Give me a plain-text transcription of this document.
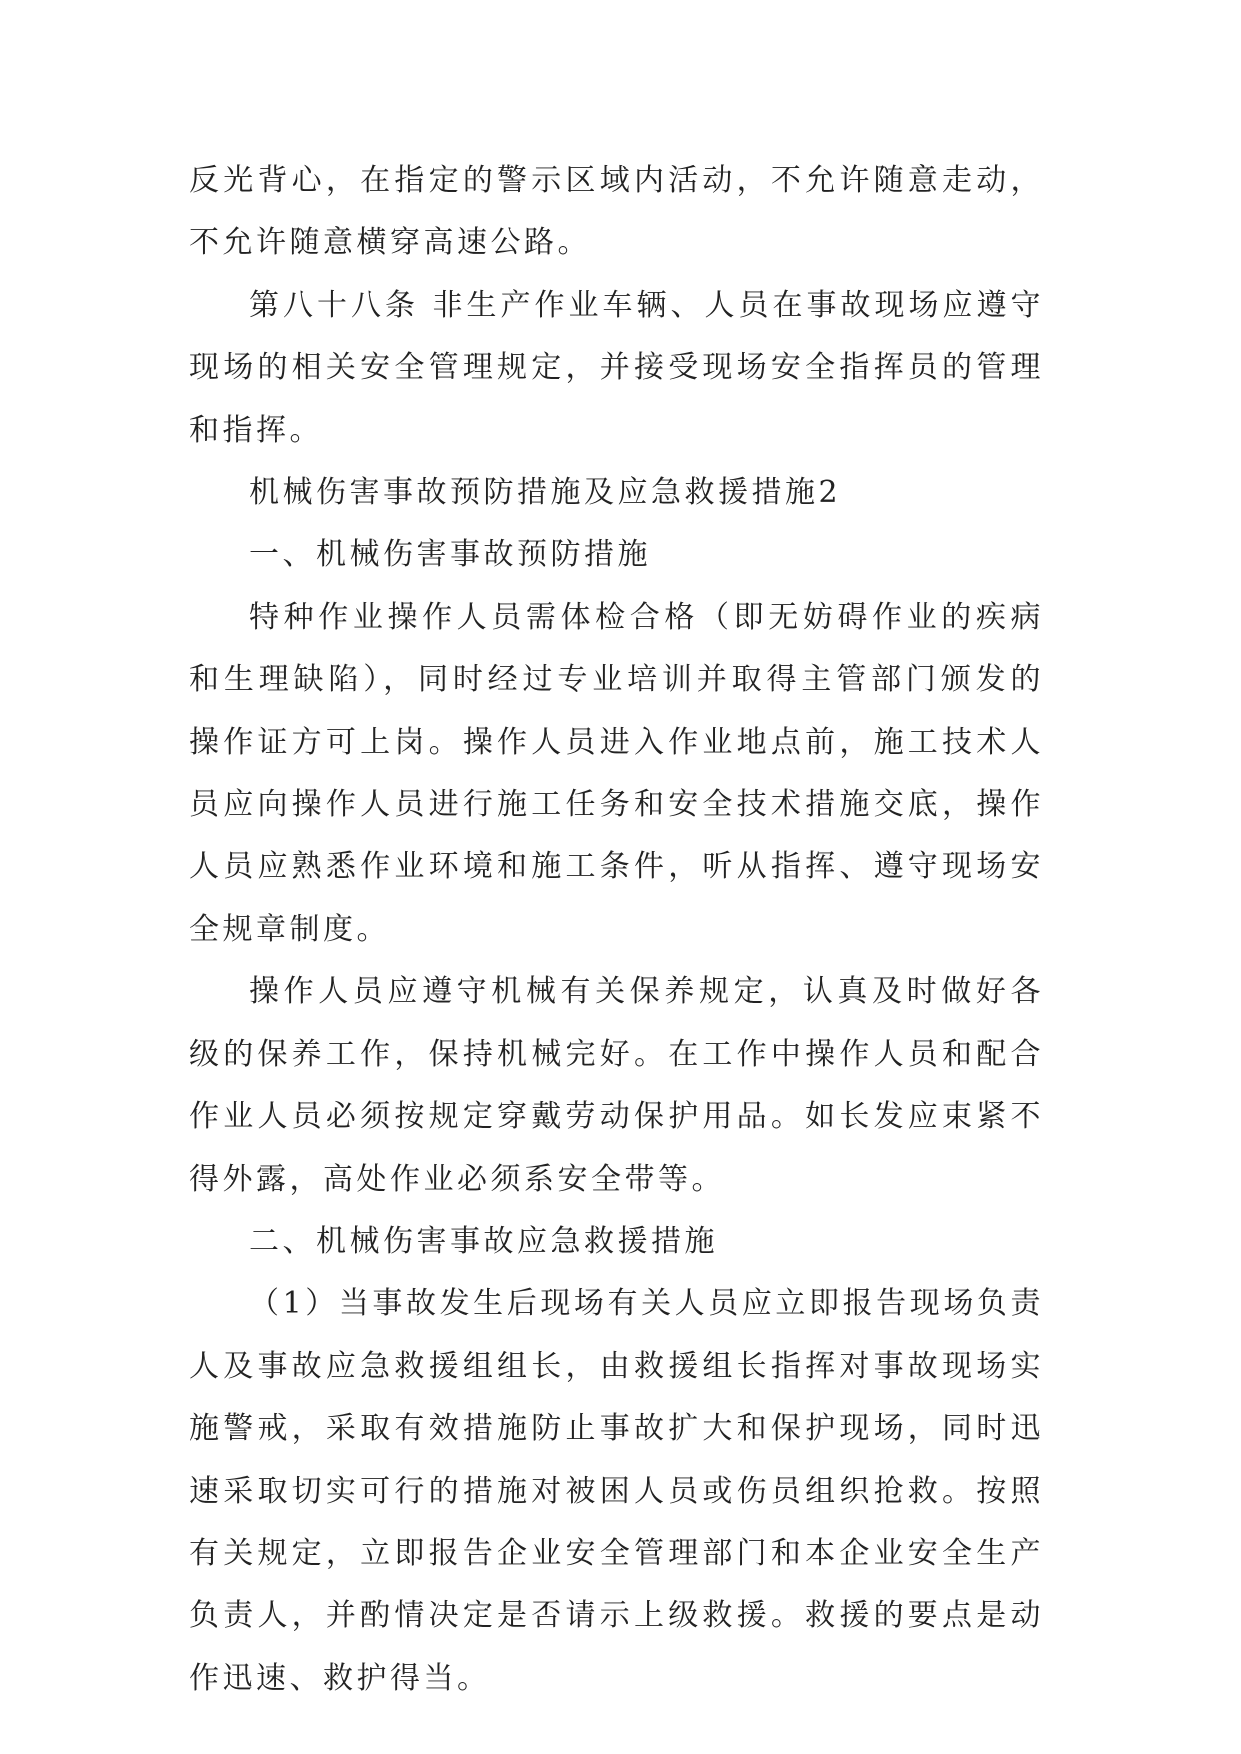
反光背心，在指定的警示区域内活动，不允许随意走动，不允许随意横穿高速公路。

第八十八条 非生产作业车辆、人员在事故现场应遵守现场的相关安全管理规定，并接受现场安全指挥员的管理和指挥。

机械伤害事故预防措施及应急救援措施2

一、机械伤害事故预防措施

特种作业操作人员需体检合格（即无妨碍作业的疾病和生理缺陷），同时经过专业培训并取得主管部门颁发的操作证方可上岗。操作人员进入作业地点前，施工技术人员应向操作人员进行施工任务和安全技术措施交底，操作人员应熟悉作业环境和施工条件，听从指挥、遵守现场安全规章制度。

操作人员应遵守机械有关保养规定，认真及时做好各级的保养工作，保持机械完好。在工作中操作人员和配合作业人员必须按规定穿戴劳动保护用品。如长发应束紧不得外露，高处作业必须系安全带等。

二、机械伤害事故应急救援措施

（1）当事故发生后现场有关人员应立即报告现场负责人及事故应急救援组组长，由救援组长指挥对事故现场实施警戒，采取有效措施防止事故扩大和保护现场，同时迅速采取切实可行的措施对被困人员或伤员组织抢救。按照有关规定，立即报告企业安全管理部门和本企业安全生产负责人，并酌情决定是否请示上级救援。救援的要点是动作迅速、救护得当。
